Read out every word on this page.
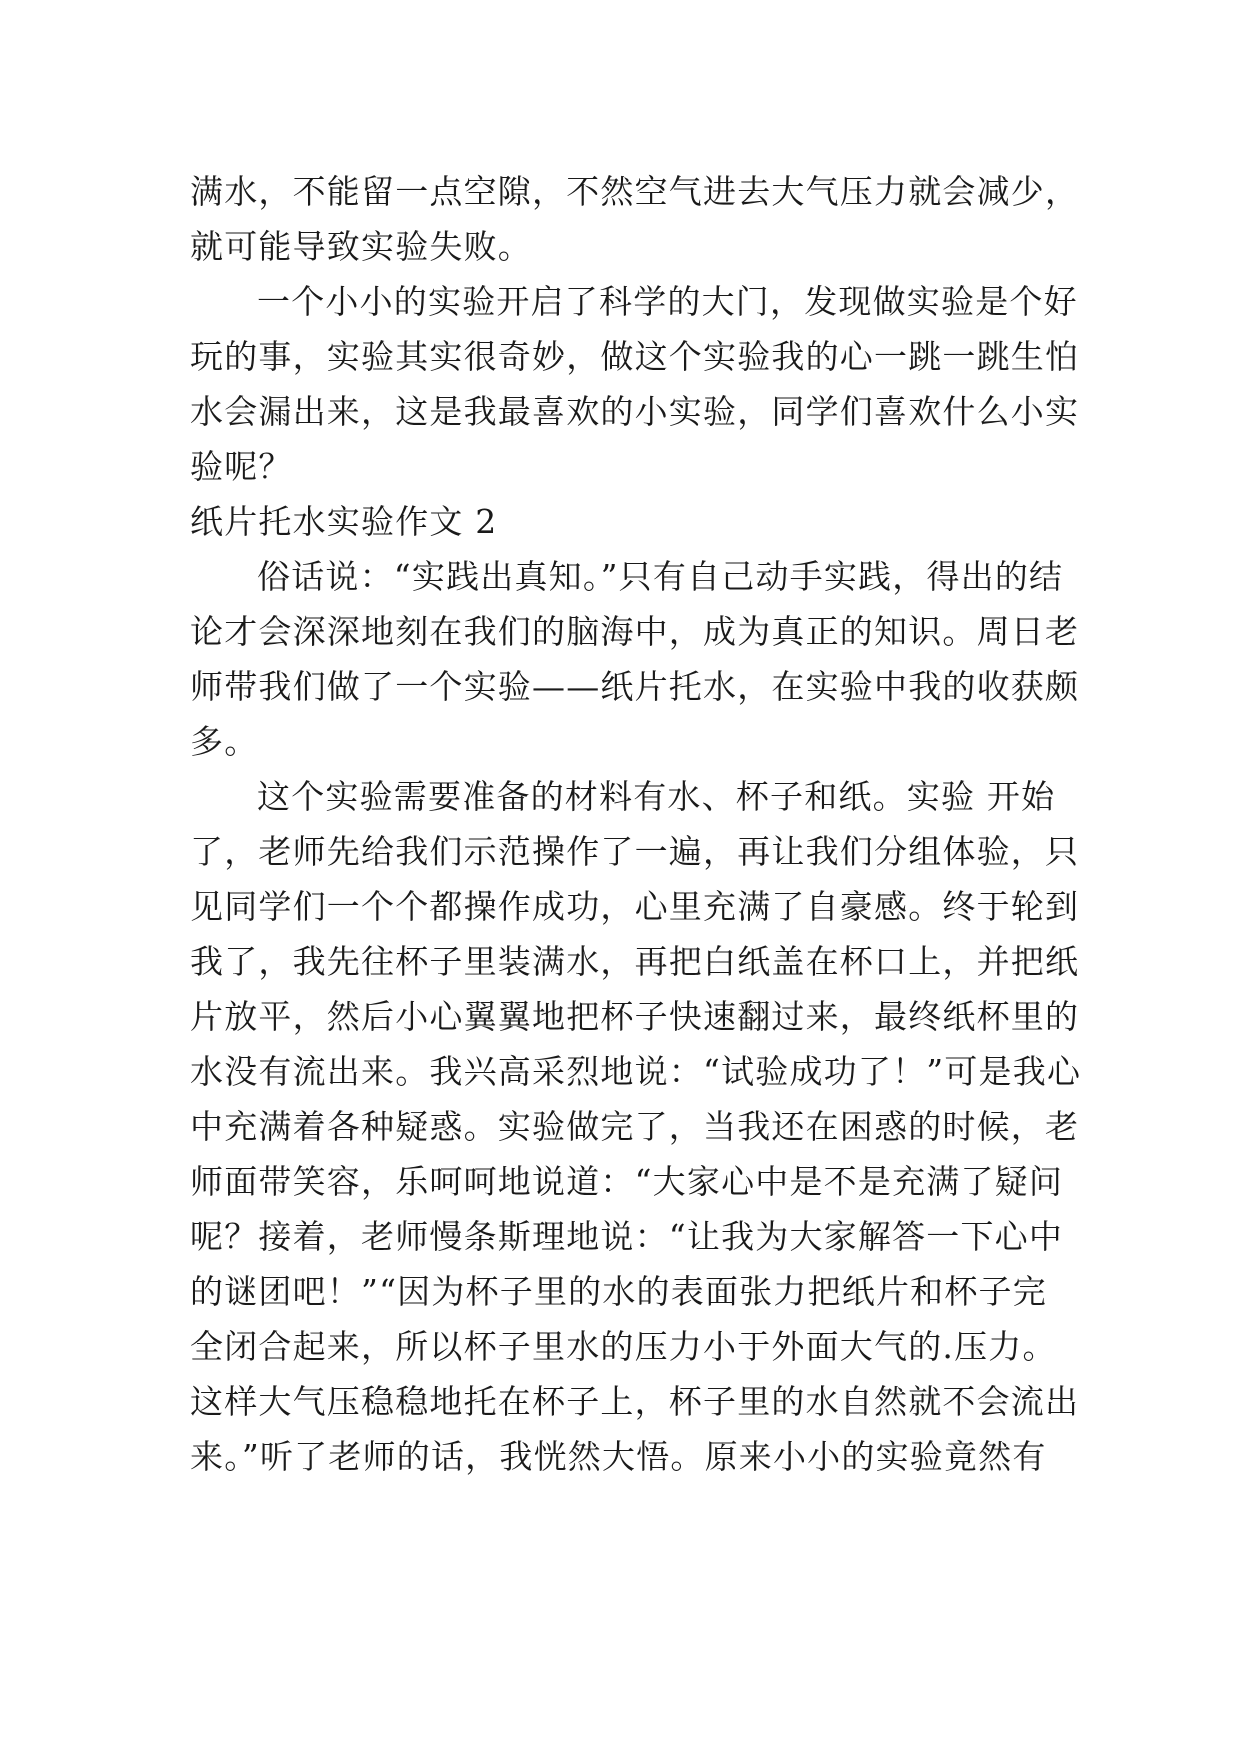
满水，不能留一点空隙，不然空气进去大气压力就会减少，

就可能导致实验失败。

一个小小的实验开启了科学的大门，发现做实验是个好

玩的事，实验其实很奇妙，做这个实验我的心一跳一跳生怕

水会漏出来，这是我最喜欢的小实验，同学们喜欢什么小实

验呢？

纸片托水实验作文 2

俗话说：“实践出真知。”只有自己动手实践，得出的结

论才会深深地刻在我们的脑海中，成为真正的知识。周日老

师带我们做了一个实验——纸片托水，在实验中我的收获颇

多。

这个实验需要准备的材料有水、杯子和纸。实验 开始

了，老师先给我们示范操作了一遍，再让我们分组体验，只

见同学们一个个都操作成功，心里充满了自豪感。终于轮到

我了，我先往杯子里装满水，再把白纸盖在杯口上，并把纸

片放平，然后小心翼翼地把杯子快速翻过来，最终纸杯里的

水没有流出来。我兴高采烈地说：“试验成功了！”可是我心

中充满着各种疑惑。实验做完了，当我还在困惑的时候，老

师面带笑容，乐呵呵地说道：“大家心中是不是充满了疑问

呢？接着，老师慢条斯理地说：“让我为大家解答一下心中

的谜团吧！”“因为杯子里的水的表面张力把纸片和杯子完

全闭合起来，所以杯子里水的压力小于外面大气的.压力。

这样大气压稳稳地托在杯子上，杯子里的水自然就不会流出

来。”听了老师的话，我恍然大悟。原来小小的实验竟然有
